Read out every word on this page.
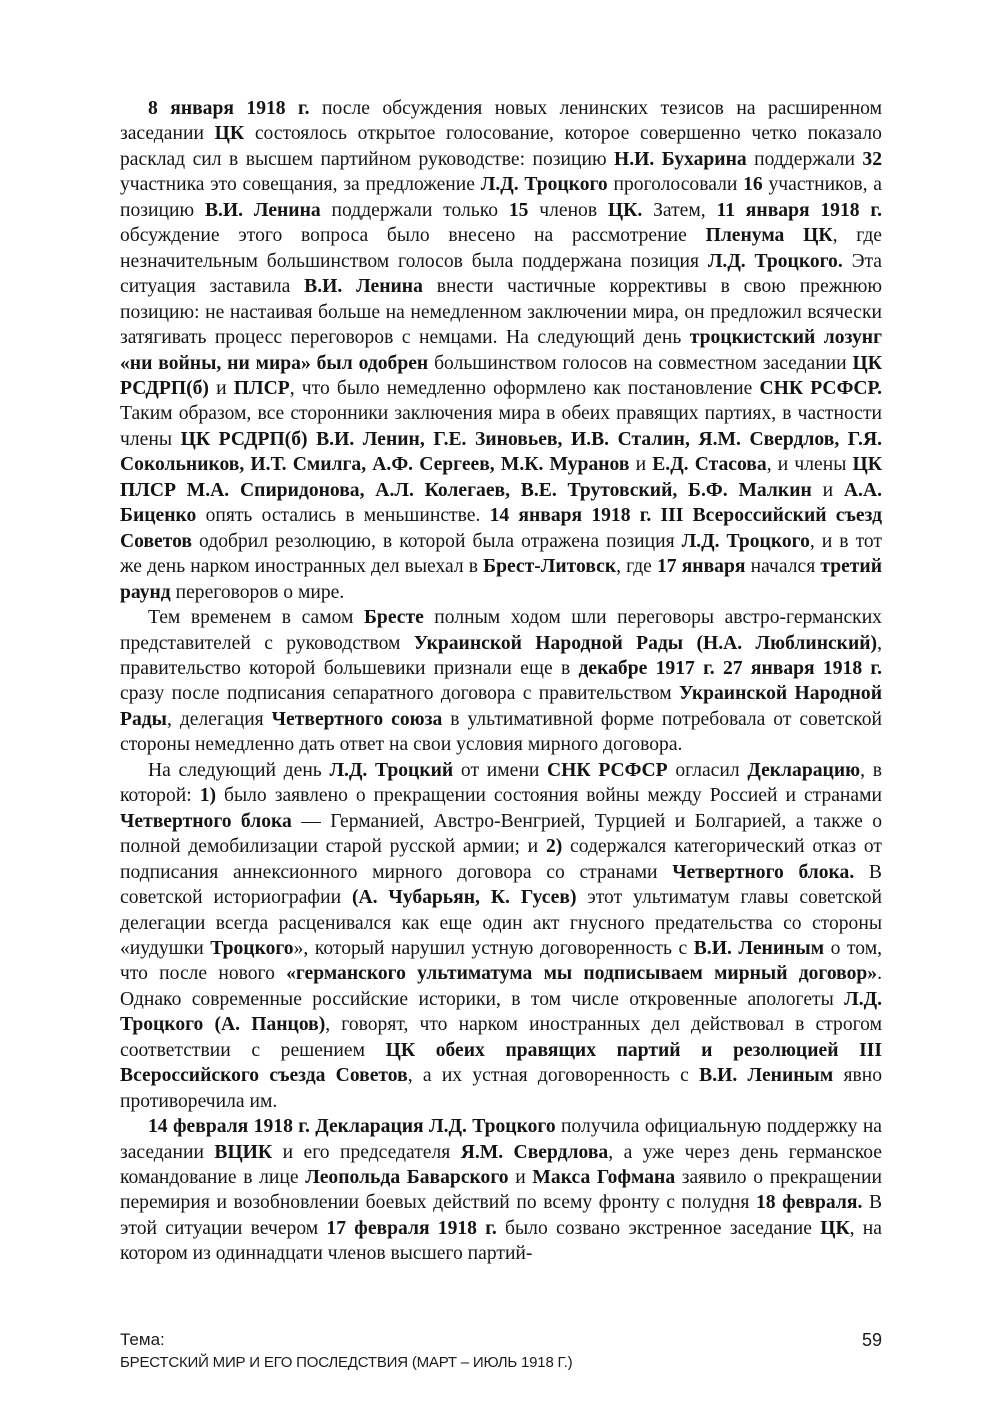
8 января 1918 г. после обсуждения новых ленинских тезисов на расширенном заседании ЦК состоялось открытое голосование, которое совершенно четко показало расклад сил в высшем партийном руководстве: позицию Н.И. Бухарина поддержали 32 участника это совещания, за предложение Л.Д. Троцкого проголосовали 16 участников, а позицию В.И. Ленина поддержали только 15 членов ЦК. Затем, 11 января 1918 г. обсуждение этого вопроса было внесено на рассмотрение Пленума ЦК, где незначительным большинством голосов была поддержана позиция Л.Д. Троцкого. Эта ситуация заставила В.И. Ленина внести частичные коррективы в свою прежнюю позицию: не настаивая больше на немедленном заключении мира, он предложил всячески затягивать процесс переговоров с немцами. На следующий день троцкистский лозунг «ни войны, ни мира» был одобрен большинством голосов на совместном заседании ЦК РСДРП(б) и ПЛСР, что было немедленно оформлено как постановление СНК РСФСР. Таким образом, все сторонники заключения мира в обеих правящих партиях, в частности члены ЦК РСДРП(б) В.И. Ленин, Г.Е. Зиновьев, И.В. Сталин, Я.М. Свердлов, Г.Я. Сокольников, И.Т. Смилга, А.Ф. Сергеев, М.К. Муранов и Е.Д. Стасова, и члены ЦК ПЛСР М.А. Спиридонова, А.Л. Колегаев, В.Е. Трутовский, Б.Ф. Малкин и А.А. Биценко опять остались в меньшинстве. 14 января 1918 г. III Всероссийский съезд Советов одобрил резолюцию, в которой была отражена позиция Л.Д. Троцкого, и в тот же день нарком иностранных дел выехал в Брест-Литовск, где 17 января начался третий раунд переговоров о мире.

Тем временем в самом Бресте полным ходом шли переговоры австро-германских представителей с руководством Украинской Народной Рады (Н.А. Люблинский), правительство которой большевики признали еще в декабре 1917 г. 27 января 1918 г. сразу после подписания сепаратного договора с правительством Украинской Народной Рады, делегация Четвертного союза в ультимативной форме потребовала от советской стороны немедленно дать ответ на свои условия мирного договора.

На следующий день Л.Д. Троцкий от имени СНК РСФСР огласил Декларацию, в которой: 1) было заявлено о прекращении состояния войны между Россией и странами Четвертного блока — Германией, Австро-Венгрией, Турцией и Болгарией, а также о полной демобилизации старой русской армии; и 2) содержался категорический отказ от подписания аннексионного мирного договора со странами Четвертного блока. В советской историографии (А. Чубарьян, К. Гусев) этот ультиматум главы советской делегации всегда расценивался как еще один акт гнусного предательства со стороны «иудушки Троцкого», который нарушил устную договоренность с В.И. Лениным о том, что после нового «германского ультиматума мы подписываем мирный договор». Однако современные российские историки, в том числе откровенные апологеты Л.Д. Троцкого (А. Панцов), говорят, что нарком иностранных дел действовал в строгом соответствии с решением ЦК обеих правящих партий и резолюцией III Всероссийского съезда Советов, а их устная договоренность с В.И. Лениным явно противоречила им.

14 февраля 1918 г. Декларация Л.Д. Троцкого получила официальную поддержку на заседании ВЦИК и его председателя Я.М. Свердлова, а уже через день германское командование в лице Леопольда Баварского и Макса Гофмана заявило о прекращении перемирия и возобновлении боевых действий по всему фронту с полудня 18 февраля. В этой ситуации вечером 17 февраля 1918 г. было созвано экстренное заседание ЦК, на котором из одиннадцати членов высшего партий-

Тема:
БРЕСТСКИЙ МИР И ЕГО ПОСЛЕДСТВИЯ (МАРТ – ИЮЛЬ 1918 Г.)
59
